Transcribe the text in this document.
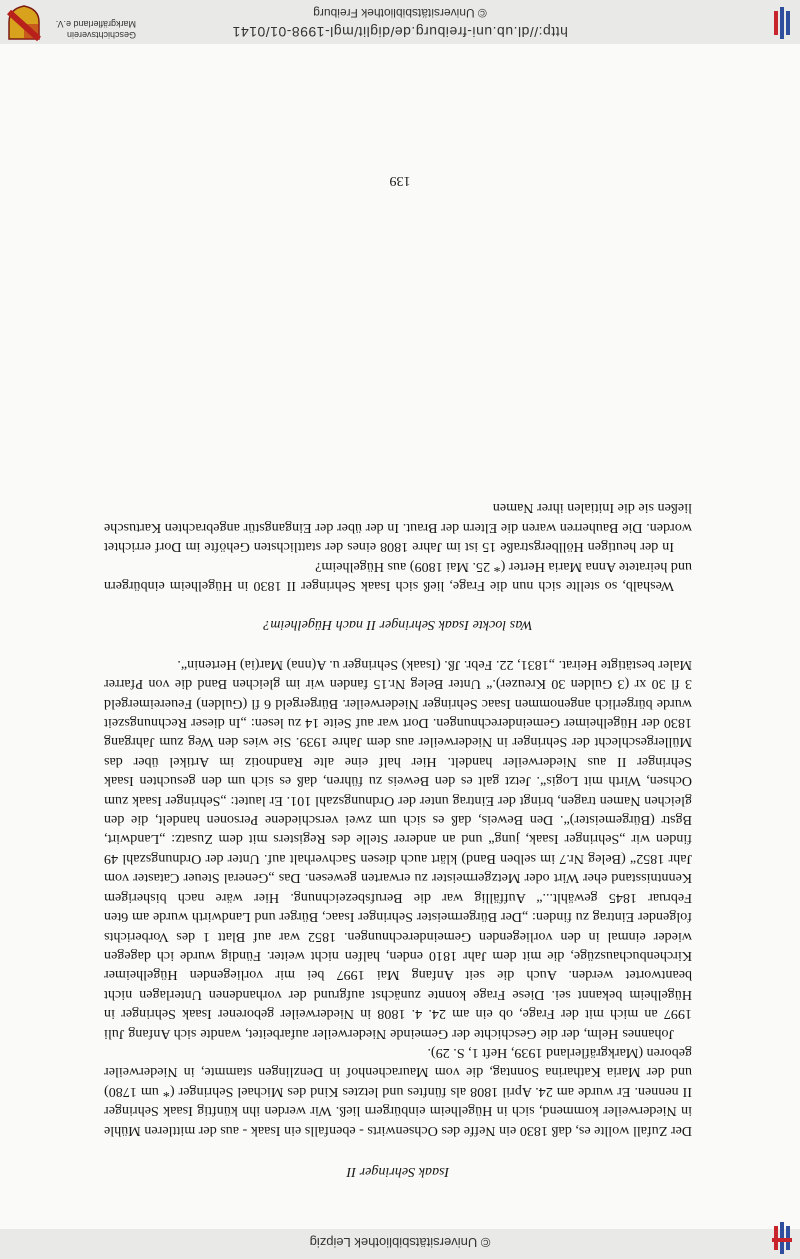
© Universitätsbibliothek Leipzig

Isaak Sehringer II

Der Zufall wollte es, daß 1830 ein Neffe des Ochsenwirts - ebenfalls ein Isaak - aus der mittleren Mühle in Niederweiler kommend, sich in Hügelheim einbürgern ließ. Wir werden ihn künftig Isaak Sehringer II nennen. Er wurde am 24. April 1808 als fünftes und letztes Kind des Michael Sehringer (* um 1780) und der Maria Katharina Sonntag, die vom Maurachenhof in Denzlingen stammte, in Niederweiler geboren (Markgräflerland 1939, Heft 1, S. 29).

Johannes Helm, der die Geschichte der Gemeinde Niederweiler aufarbeitet, wandte sich Anfang Juli 1997 an mich mit der Frage, ob ein am 24. 4. 1808 in Niederweiler geborener Isaak Sehringer in Hügelheim bekannt sei. Diese Frage konnte zunächst aufgrund der vorhandenen Unterlagen nicht beantwortet werden. Auch die seit Anfang Mai 1997 bei mir vorliegenden Hügelheimer Kirchenbuchauszüge, die mit dem Jahr 1810 enden, halfen nicht weiter. Fündig wurde ich dagegen wieder einmal in den vorliegenden Gemeinderechnungen. 1852 war auf Blatt 1 des Vorberichts folgender Eintrag zu finden: „Der Bürgermeister Sehringer Isaac, Bürger und Landwirth wurde am 6ten Februar 1845 gewählt...“ Auffällig war die Berufsbezeichnung. Hier wäre nach bisherigem Kenntnisstand eher Wirt oder Metzgermeister zu erwarten gewesen. Das „General Steuer Cataster vom Jahr 1852“ (Beleg Nr.7 im selben Band) klärt auch diesen Sachverhalt auf. Unter der Ordnungszahl 49 finden wir „Sehringer Isaak, jung“ und an anderer Stelle des Registers mit dem Zusatz: „Landwirt, Bgstr (Bürgemeister)“. Den Beweis, daß es sich um zwei verschiedene Personen handelt, die den gleichen Namen tragen, bringt der Eintrag unter der Ordnungszahl 101. Er lautet: „Sehringer Isaak zum Ochsen, Wirth mit Logis“. Jetzt galt es den Beweis zu führen, daß es sich um den gesuchten Isaak Sehringer II aus Niederweiler handelt. Hier half eine alte Randnotiz im Artikel über das Müllergeschlecht der Sehringer in Niederweiler aus dem Jahre 1939. Sie wies den Weg zum Jahrgang 1830 der Hügelheimer Gemeinderechnungen. Dort war auf Seite 14 zu lesen: „In dieser Rechnungszeit wurde bürgerlich angenommen Isaac Sehringer Niederweiler. Bürgergeld 6 fl (Gulden) Feuereimergeld 3 fl 30 xr (3 Gulden 30 Kreuzer).“ Unter Beleg Nr.15 fanden wir im gleichen Band die von Pfarrer Maler bestätigte Heirat. „1831, 22. Febr. Jß. (Isaak) Sehringer u. A(nna) Mar(ia) Hertenin“.

Was lockte Isaak Sehringer II nach Hügelheim?

Weshalb, so stellte sich nun die Frage, ließ sich Isaak Sehringer II 1830 in Hügelheim einbürgern und heiratete Anna Maria Herter (* 25. Mai 1809) aus Hügelheim?

In der heutigen Höllbergstraße 15 ist im Jahre 1808 eines der stattlichsten Gehöfte im Dorf errichtet worden. Die Bauherren waren die Eltern der Braut. In der über der Eingangstür angebrachten Kartusche ließen sie die Initialen ihrer Namen

139
http://dl.ub.uni-freiburg.de/diglit/mgl-1998-01/0141
© Universitätsbibliothek Freiburg
Geschichtsverein
Markgräflerland e.V.
